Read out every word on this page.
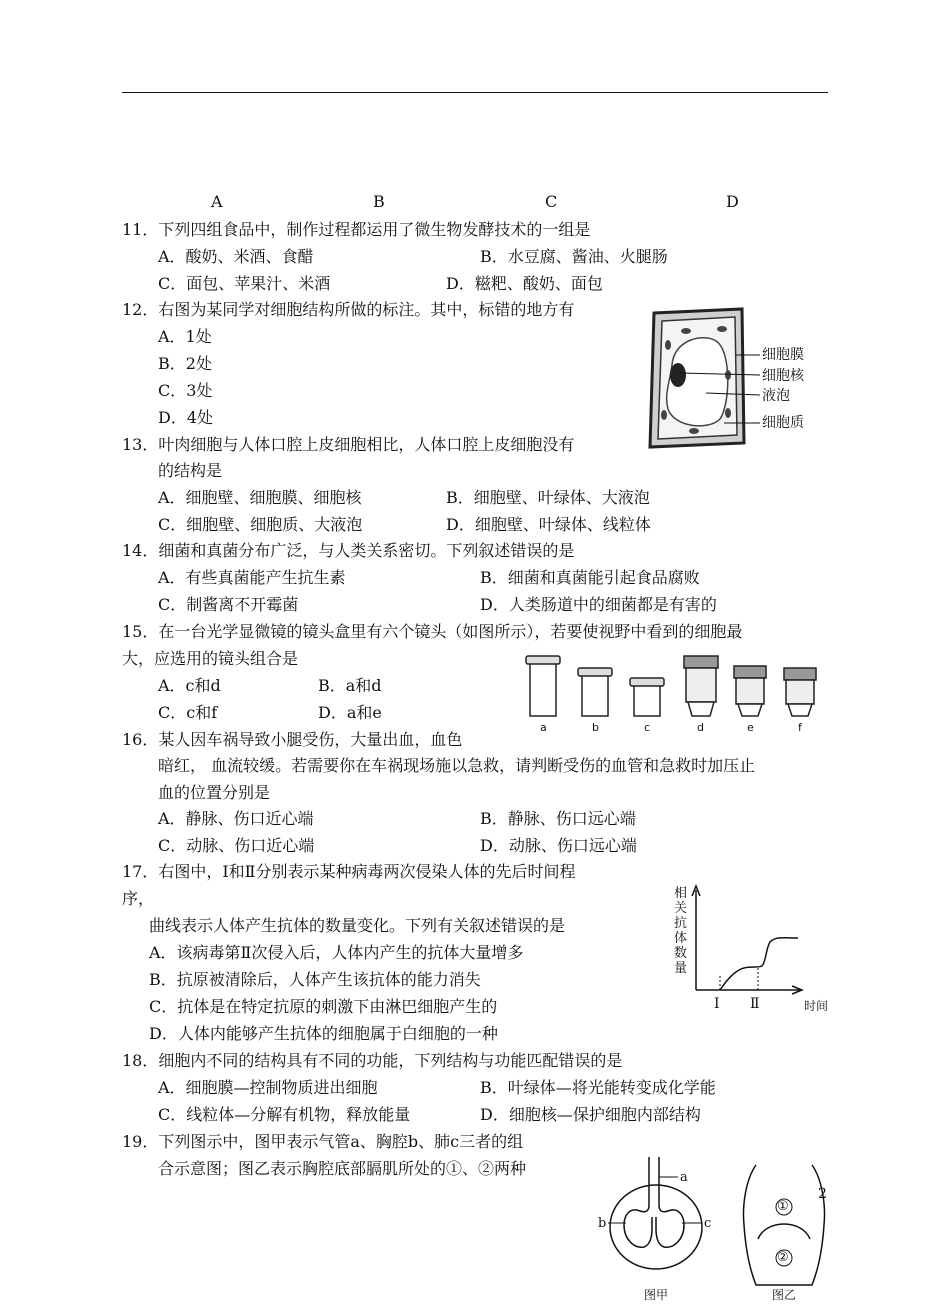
A	B	C	D
11．下列四组食品中，制作过程都运用了微生物发酵技术的一组是
A．酸奶、米酒、食醋	B．水豆腐、酱油、火腿肠
C．面包、苹果汁、米酒	D．糍粑、酸奶、面包
12．右图为某同学对细胞结构所做的标注。其中，标错的地方有
A．1处
B．2处
C．3处
D．4处
细胞膜
细胞核
液泡
细胞质
13．叶肉细胞与人体口腔上皮细胞相比，人体口腔上皮细胞没有
的结构是
A．细胞壁、细胞膜、细胞核	B．细胞壁、叶绿体、大液泡
C．细胞壁、细胞质、大液泡	D．细胞壁、叶绿体、线粒体
14．细菌和真菌分布广泛，与人类关系密切。下列叙述错误的是
A．有些真菌能产生抗生素	B．细菌和真菌能引起食品腐败
C．制酱离不开霉菌	D．人类肠道中的细菌都是有害的
15．在一台光学显微镜的镜头盒里有六个镜头（如图所示），若要使视野中看到的细胞最
大，应选用的镜头组合是
A．c和d	B．a和d
C．c和f	D．a和e
a	b	c	d	e	f
16．某人因车祸导致小腿受伤，大量出血，血色
暗红， 血流较缓。若需要你在车祸现场施以急救，请判断受伤的血管和急救时加压止
血的位置分别是
A．静脉、伤口近心端	B．静脉、伤口远心端
C．动脉、伤口近心端	D．动脉、伤口远心端
17．右图中，Ⅰ和Ⅱ分别表示某种病毒两次侵染人体的先后时间程
序，
曲线表示人体产生抗体的数量变化。下列有关叙述错误的是
A．该病毒第Ⅱ次侵入后，人体内产生的抗体大量增多
B．抗原被清除后，人体产生该抗体的能力消失
C．抗体是在特定抗原的刺激下由淋巴细胞产生的
D．人体内能够产生抗体的细胞属于白细胞的一种
相关抗体数量
Ⅰ Ⅱ	时间
18．细胞内不同的结构具有不同的功能，下列结构与功能匹配错误的是
A．细胞膜—控制物质进出细胞	B．叶绿体—将光能转变成化学能
C．线粒体—分解有机物，释放能量	D．细胞核—保护细胞内部结构
19．下列图示中，图甲表示气管a、胸腔b、肺c三者的组
合示意图；图乙表示胸腔底部膈肌所处的①、②两种	a
b	c
①
②
图甲	图乙
2
